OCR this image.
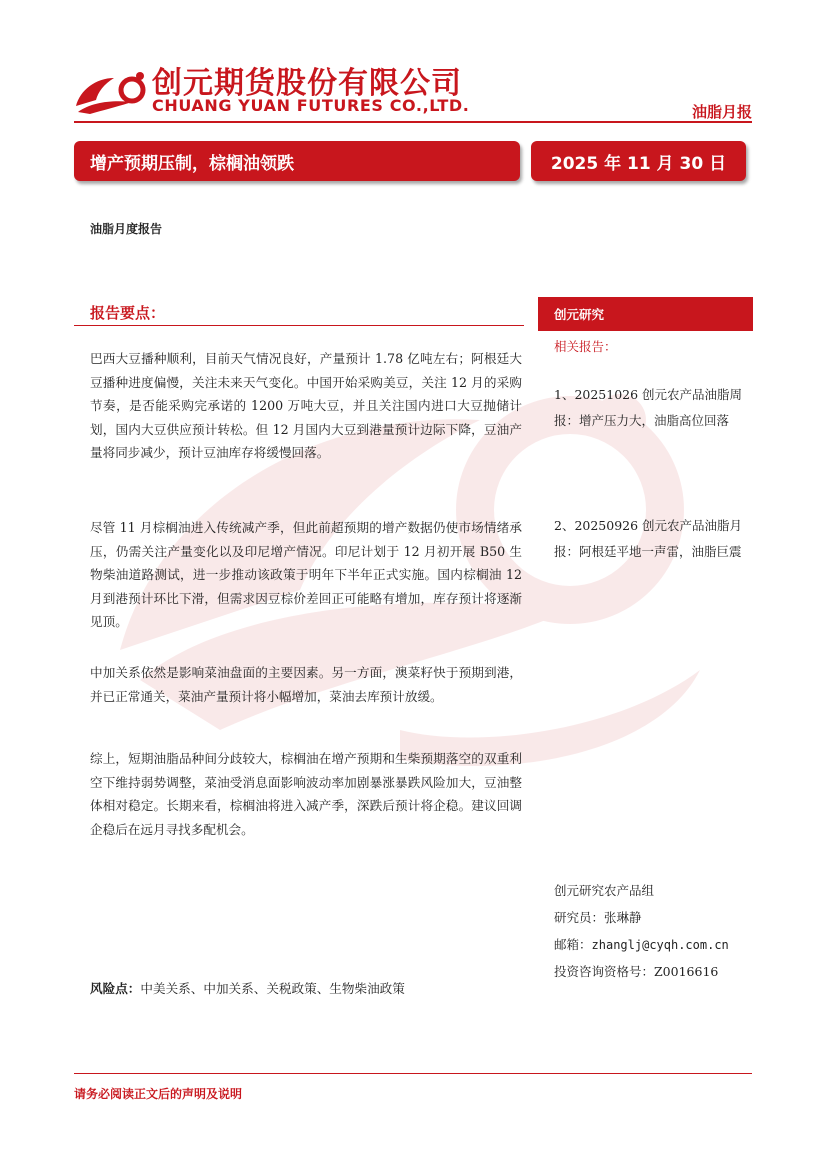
创元期货股份有限公司
CHUANG YUAN FUTURES CO.,LTD.	油脂月报
增产预期压制，棕榈油领跌	2025 年 11 月 30 日
油脂月度报告
报告要点：

巴西大豆播种顺利，目前天气情况良好，产量预计 1.78 亿吨左右；阿根廷大豆播种进度偏慢，关注未来天气变化。中国开始采购美豆，关注 12 月的采购节奏，是否能采购完承诺的 1200 万吨大豆，并且关注国内进口大豆抛储计划，国内大豆供应预计转松。但 12 月国内大豆到港量预计边际下降，豆油产量将同步减少，预计豆油库存将缓慢回落。

尽管 11 月棕榈油进入传统减产季，但此前超预期的增产数据仍使市场情绪承压，仍需关注产量变化以及印尼增产情况。印尼计划于 12 月初开展 B50 生物柴油道路测试，进一步推动该政策于明年下半年正式实施。国内棕榈油 12 月到港预计环比下滑，但需求因豆棕价差回正可能略有增加，库存预计将逐渐见顶。

中加关系依然是影响菜油盘面的主要因素。另一方面，澳菜籽快于预期到港，并已正常通关，菜油产量预计将小幅增加，菜油去库预计放缓。

综上，短期油脂品种间分歧较大，棕榈油在增产预期和生柴预期落空的双重利空下维持弱势调整，菜油受消息面影响波动率加剧暴涨暴跌风险加大，豆油整体相对稳定。长期来看，棕榈油将进入减产季，深跌后预计将企稳。建议回调企稳后在远月寻找多配机会。

创元研究
相关报告：

1、20251026 创元农产品油脂周报：增产压力大，油脂高位回落

2、20250926 创元农产品油脂月报：阿根廷平地一声雷，油脂巨震

创元研究农产品组
研究员：张琳静
邮箱：zhanglj@cyqh.com.cn
投资咨询资格号：Z0016616
风险点：中美关系、中加关系、关税政策、生物柴油政策
请务必阅读正文后的声明及说明
